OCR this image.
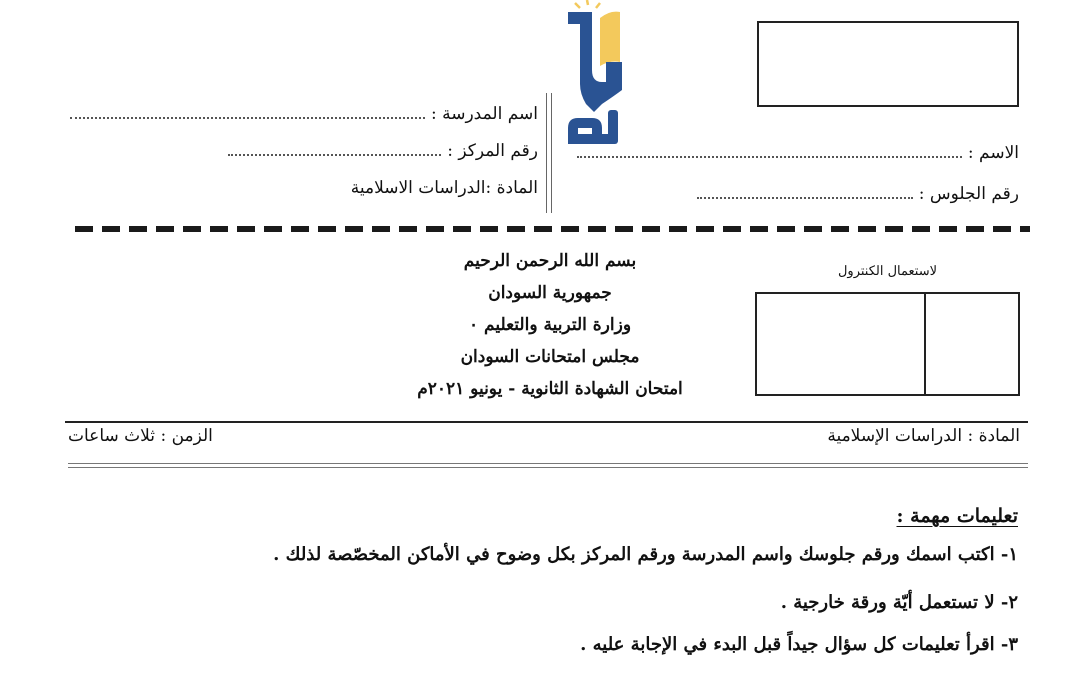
اسم المدرسة :
رقم المركز :
المادة :الدراسات الاسلامية
الاسم :
رقم الجلوس :
بسم الله الرحمن الرحيم
جمهورية السودان
وزارة التربية والتعليم ٠
مجلس امتحانات السودان
امتحان الشهادة الثانوية - يونيو ٢٠٢١م
لاستعمال الكنترول
المادة : الدراسات الإسلامية
الزمن : ثلاث ساعات
تعليمات مهمة :
١- اكتب اسمك ورقم جلوسك واسم المدرسة ورقم المركز بكل وضوح في الأماكن المخصّصة لذلك .
٢- لا تستعمل أيّة ورقة خارجية .
٣- اقرأ تعليمات كل سؤال جيداً قبل البدء في الإجابة عليه .
